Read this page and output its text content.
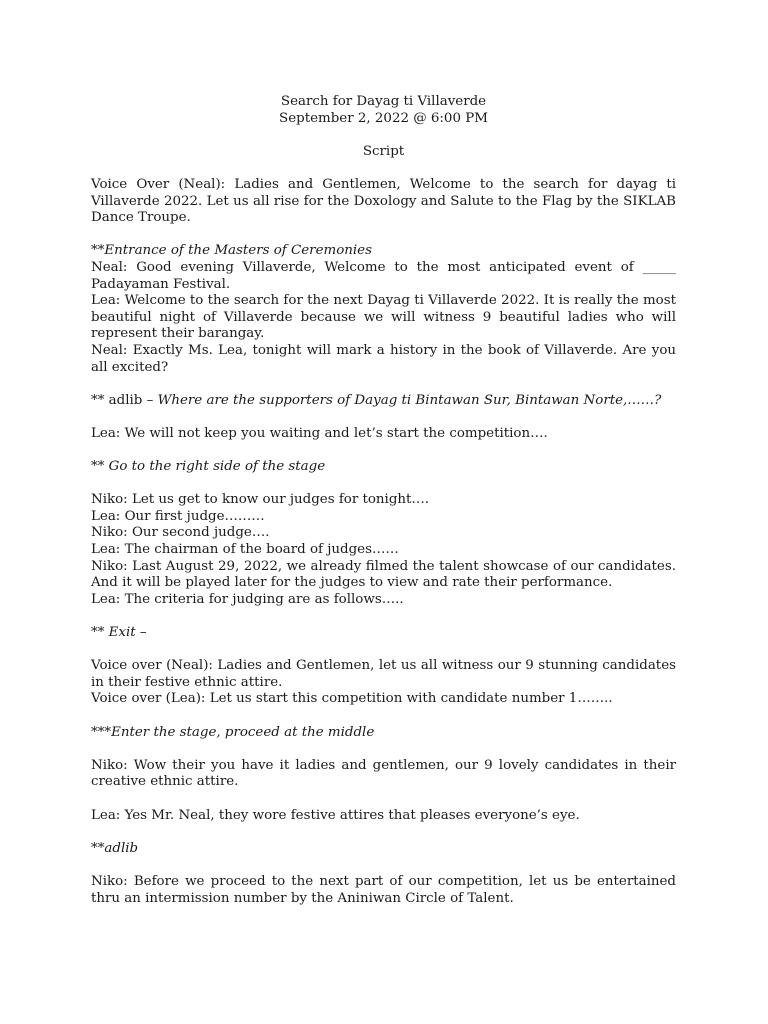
Search for Dayag ti Villaverde

September 2, 2022 @ 6:00 PM

Script

Voice Over (Neal): Ladies and Gentlemen, Welcome to the search for dayag ti Villaverde 2022. Let us all rise for the Doxology and Salute to the Flag by the SIKLAB Dance Troupe.

**Entrance of the Masters of Ceremonies

Neal: Good evening Villaverde, Welcome to the most anticipated event of _____ Padayaman Festival.

Lea: Welcome to the search for the next Dayag ti Villaverde 2022. It is really the most beautiful night of Villaverde because we will witness 9 beautiful ladies who will represent their barangay.

Neal: Exactly Ms. Lea, tonight will mark a history in the book of Villaverde. Are you all excited?

** adlib – Where are the supporters of Dayag ti Bintawan Sur, Bintawan Norte,……?

Lea: We will not keep you waiting and let’s start the competition….

** Go to the right side of the stage

Niko: Let us get to know our judges for tonight….

Lea: Our first judge………

Niko: Our second judge….

Lea: The chairman of the board of judges……

Niko: Last August 29, 2022, we already filmed the talent showcase of our candidates. And it will be played later for the judges to view and rate their performance.

Lea: The criteria for judging are as follows…..

** Exit –

Voice over (Neal): Ladies and Gentlemen, let us all witness our 9 stunning candidates in their festive ethnic attire.

Voice over (Lea): Let us start this competition with candidate number 1……..

***Enter the stage, proceed at the middle

Niko: Wow their you have it ladies and gentlemen, our 9 lovely candidates in their creative ethnic attire.

Lea: Yes Mr. Neal, they wore festive attires that pleases everyone’s eye.

**adlib

Niko: Before we proceed to the next part of our competition, let us be entertained thru an intermission number by the Aniniwan Circle of Talent.
